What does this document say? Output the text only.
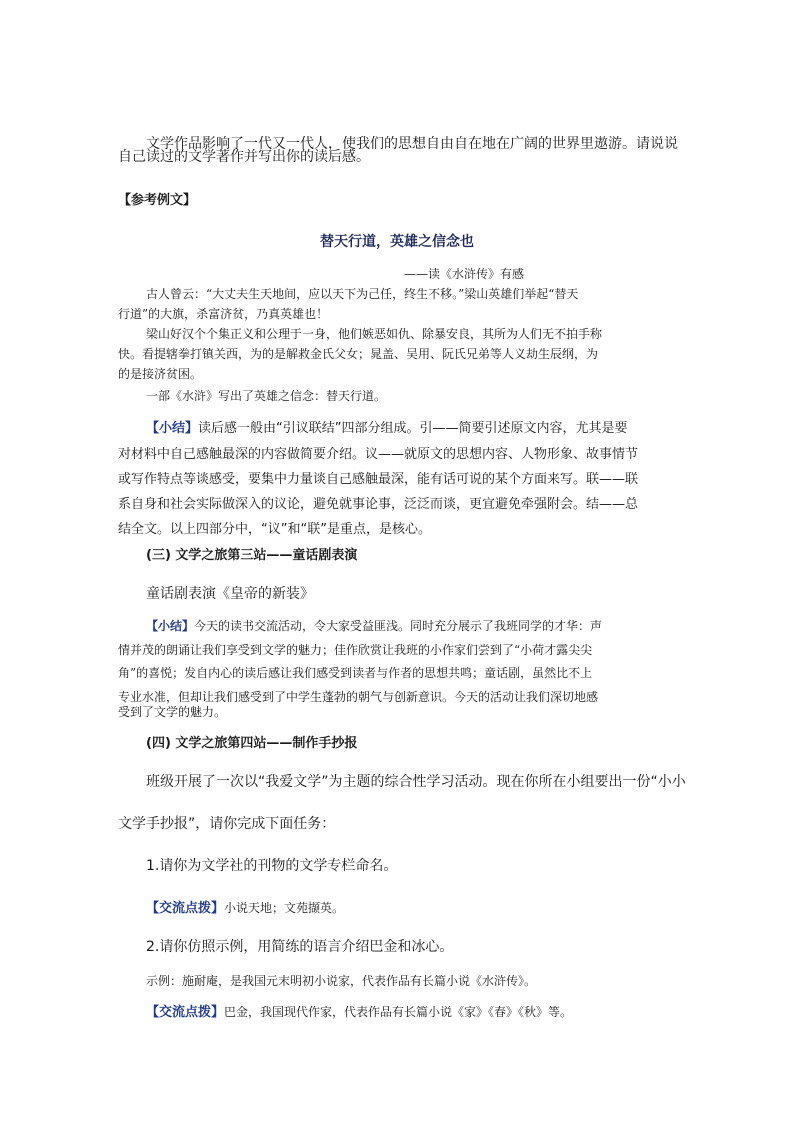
文学作品影响了一代又一代人，使我们的思想自由自在地在广阔的世界里遨游。请说说
自己读过的文学著作并写出你的读后感。
【参考例文】
替天行道，英雄之信念也
——读《水浒传》有感
古人曾云：“大丈夫生天地间，应以天下为己任，终生不移。”梁山英雄们举起“替天
行道”的大旗，杀富济贫，乃真英雄也！
梁山好汉个个集正义和公理于一身，他们嫉恶如仇、除暴安良，其所为人们无不拍手称
快。看提辖拳打镇关西，为的是解救金氏父女；晁盖、吴用、阮氏兄弟等人义劫生辰纲，为
的是接济贫困。
一部《水浒》写出了英雄之信念：替天行道。
【小结】读后感一般由“引议联结”四部分组成。引——简要引述原文内容，尤其是要
对材料中自己感触最深的内容做简要介绍。议——就原文的思想内容、人物形象、故事情节
或写作特点等谈感受，要集中力量谈自己感触最深，能有话可说的某个方面来写。联——联
系自身和社会实际做深入的议论，避免就事论事，泛泛而谈，更宜避免牵强附会。结——总
结全文。以上四部分中，“议”和“联”是重点，是核心。
(三) 文学之旅第三站——童话剧表演
童话剧表演《皇帝的新装》
【小结】今天的读书交流活动，令大家受益匪浅。同时充分展示了我班同学的才华：声
情并茂的朗诵让我们享受到文学的魅力；佳作欣赏让我班的小作家们尝到了“小荷才露尖尖
角”的喜悦；发自内心的读后感让我们感受到读者与作者的思想共鸣；童话剧，虽然比不上
专业水准，但却让我们感受到了中学生蓬勃的朝气与创新意识。今天的活动让我们深切地感
受到了文学的魅力。
(四) 文学之旅第四站——制作手抄报
班级开展了一次以“我爱文学”为主题的综合性学习活动。现在你所在小组要出一份“小小
文学手抄报”，请你完成下面任务：
1.请你为文学社的刊物的文学专栏命名。
【交流点拨】小说天地；文苑撷英。
2.请你仿照示例，用简练的语言介绍巴金和冰心。
示例：施耐庵，是我国元末明初小说家，代表作品有长篇小说《水浒传》。
【交流点拨】巴金，我国现代作家，代表作品有长篇小说《家》《春》《秋》等。
